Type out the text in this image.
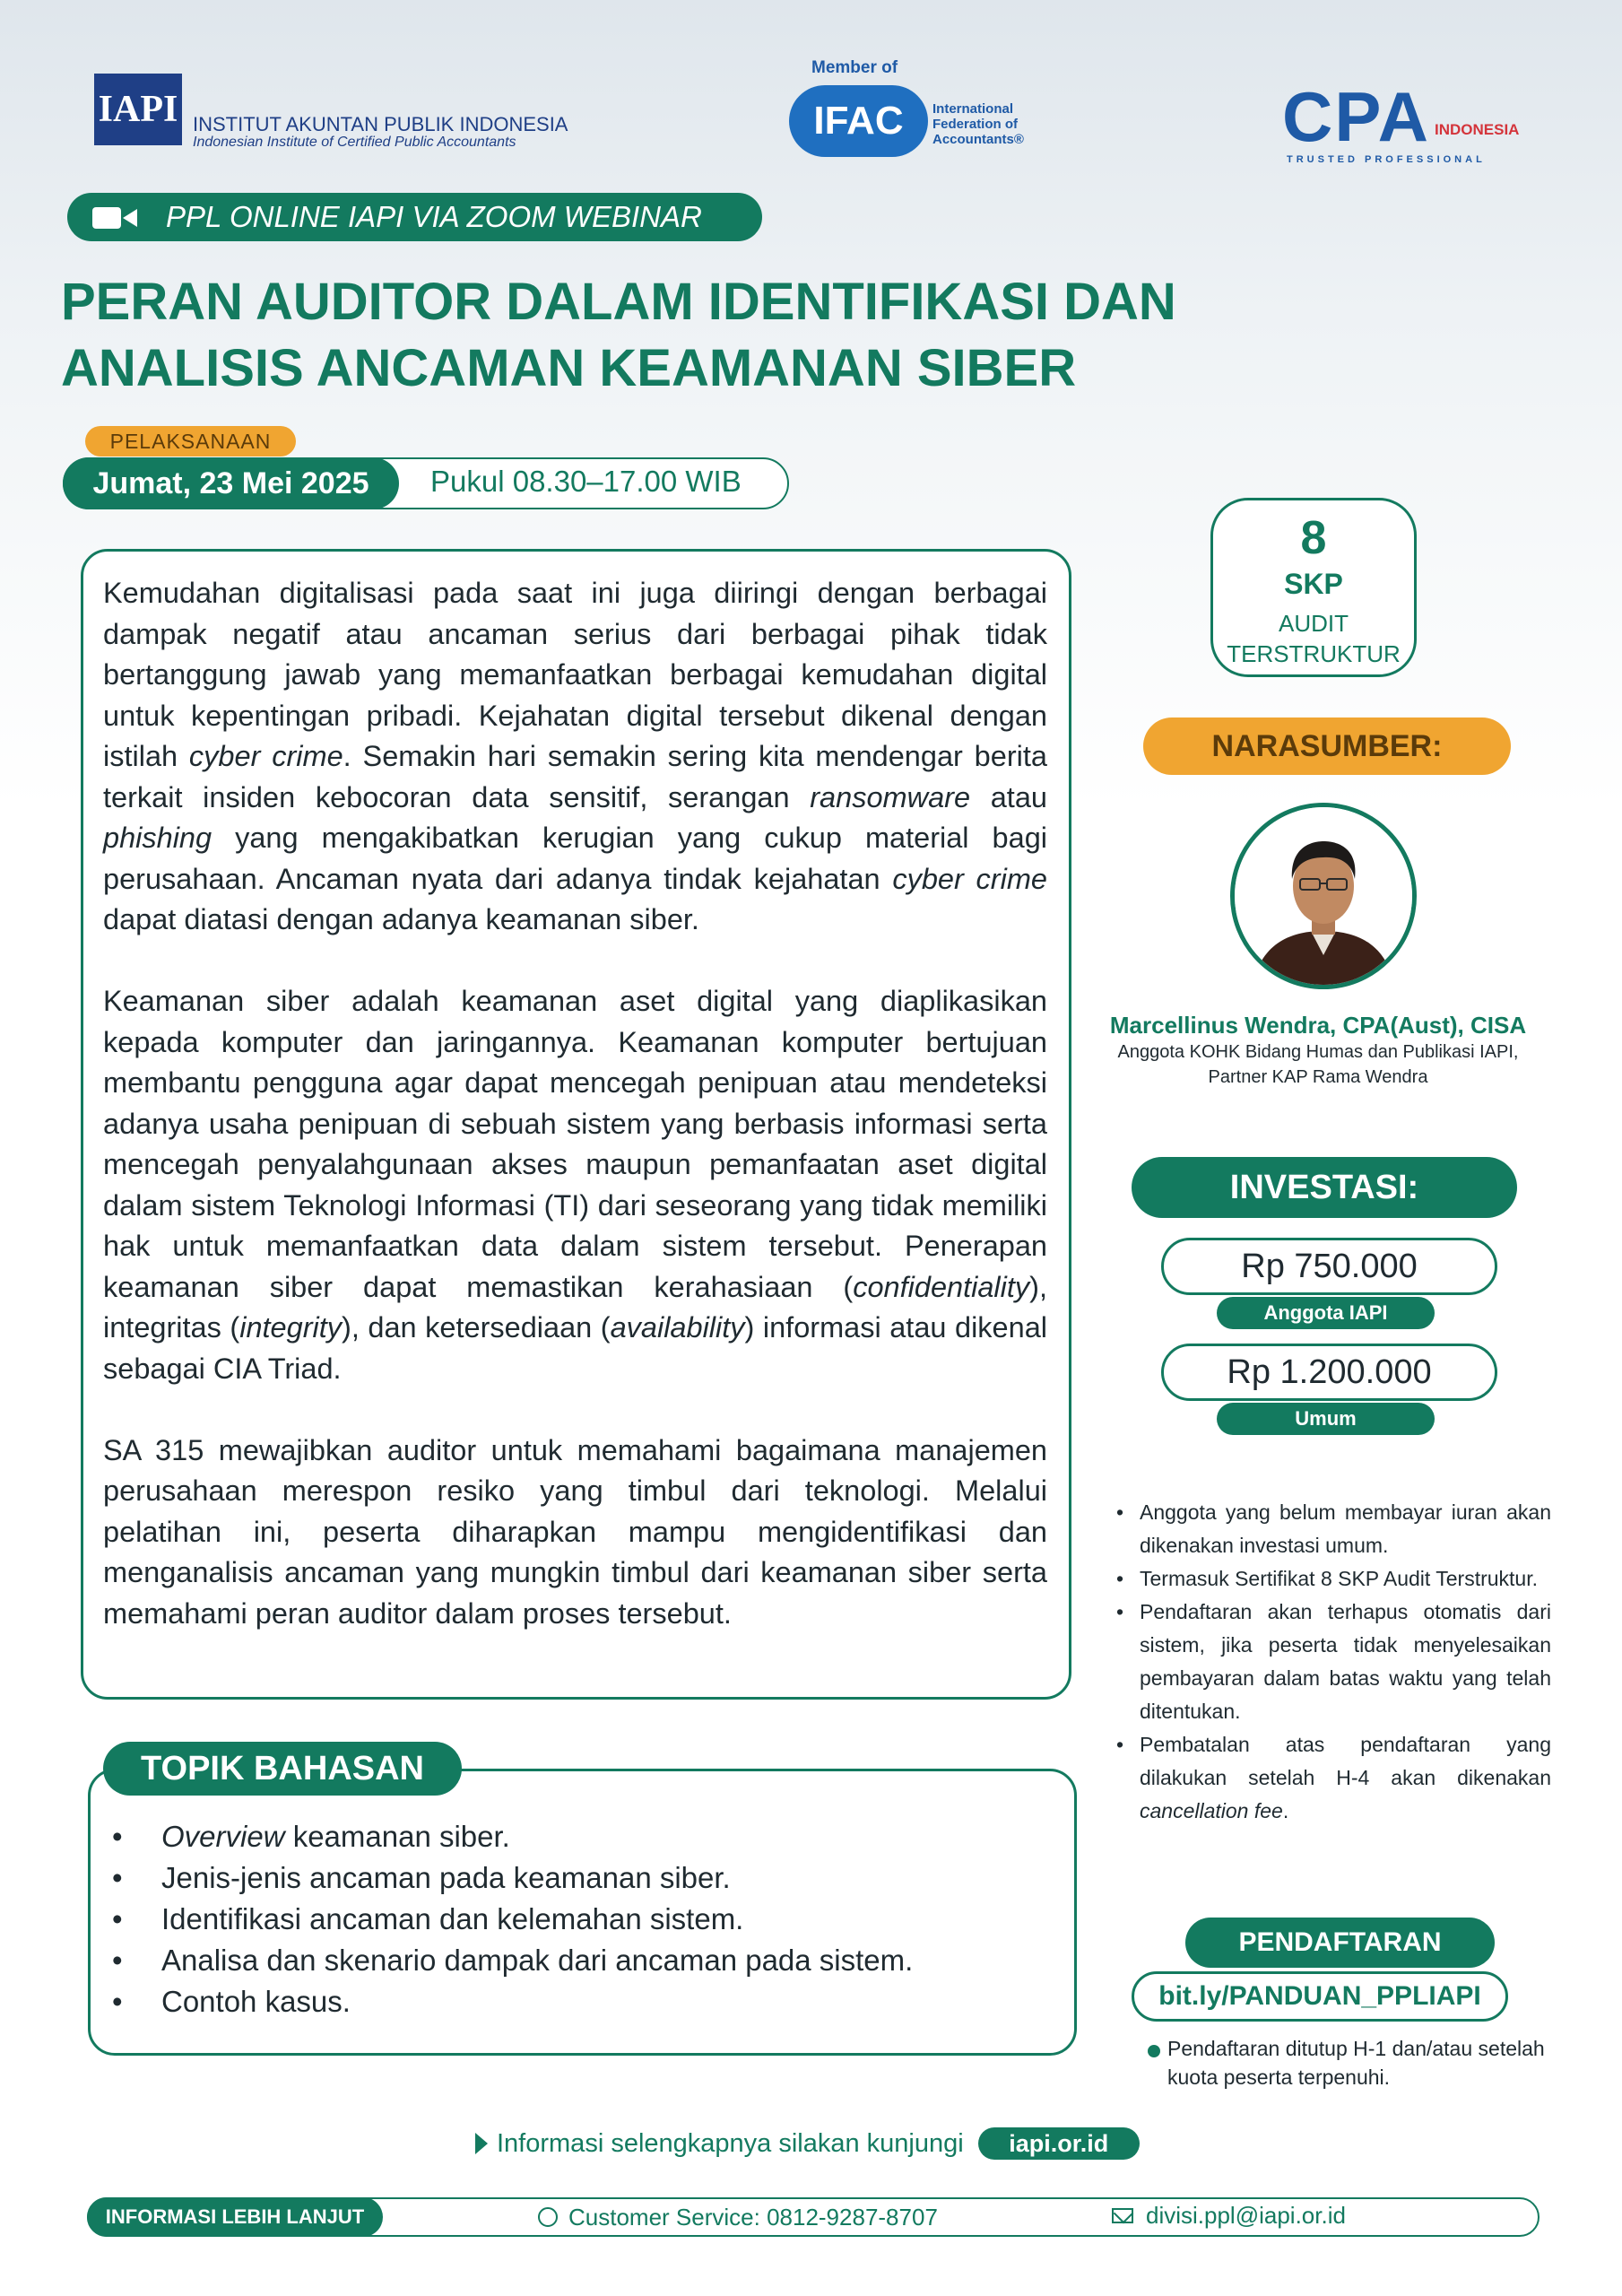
IAPI INSTITUT AKUNTAN PUBLIK INDONESIA
Indonesian Institute of Certified Public Accountants
Member of
IFAC	International Federation of Accountants®	CPA INDONESIA
TRUSTED PROFESSIONAL
PPL ONLINE IAPI VIA ZOOM WEBINAR
PERAN AUDITOR DALAM IDENTIFIKASI DAN ANALISIS ANCAMAN KEAMANAN SIBER
PELAKSANAAN
Jumat, 23 Mei 2025	Pukul 08.30–17.00 WIB

Kemudahan digitalisasi pada saat ini juga diiringi dengan berbagai dampak negatif atau ancaman serius dari berbagai pihak tidak bertanggung jawab yang memanfaatkan berbagai kemudahan digital untuk kepentingan pribadi. Kejahatan digital tersebut dikenal dengan istilah cyber crime. Semakin hari semakin sering kita mendengar berita terkait insiden kebocoran data sensitif, serangan ransomware atau phishing yang mengakibatkan kerugian yang cukup material bagi perusahaan. Ancaman nyata dari adanya tindak kejahatan cyber crime dapat diatasi dengan adanya keamanan siber.

Keamanan siber adalah keamanan aset digital yang diaplikasikan kepada komputer dan jaringannya. Keamanan komputer bertujuan membantu pengguna agar dapat mencegah penipuan atau mendeteksi adanya usaha penipuan di sebuah sistem yang berbasis informasi serta mencegah penyalahgunaan akses maupun pemanfaatan aset digital dalam sistem Teknologi Informasi (TI) dari seseorang yang tidak memiliki hak untuk memanfaatkan data dalam sistem tersebut. Penerapan keamanan siber dapat memastikan kerahasiaan (confidentiality), integritas (integrity), dan ketersediaan (availability) informasi atau dikenal sebagai CIA Triad.

SA 315 mewajibkan auditor untuk memahami bagaimana manajemen perusahaan merespon resiko yang timbul dari teknologi. Melalui pelatihan ini, peserta diharapkan mampu mengidentifikasi dan menganalisis ancaman yang mungkin timbul dari keamanan siber serta memahami peran auditor dalam proses tersebut.

TOPIK BAHASAN
• Overview keamanan siber.
• Jenis-jenis ancaman pada keamanan siber.
• Identifikasi ancaman dan kelemahan sistem.
• Analisa dan skenario dampak dari ancaman pada sistem.
• Contoh kasus.
8
SKP
AUDIT
TERSTRUKTUR
NARASUMBER:
Marcellinus Wendra, CPA(Aust), CISA
Anggota KOHK Bidang Humas dan Publikasi IAPI,
Partner KAP Rama Wendra
INVESTASI:
Rp 750.000
Anggota IAPI
Rp 1.200.000
Umum
• Anggota yang belum membayar iuran akan dikenakan investasi umum.
• Termasuk Sertifikat 8 SKP Audit Terstruktur.
• Pendaftaran akan terhapus otomatis dari sistem, jika peserta tidak menyelesaikan pembayaran dalam batas waktu yang telah ditentukan.
• Pembatalan atas pendaftaran yang dilakukan setelah H-4 akan dikenakan cancellation fee.
PENDAFTARAN
bit.ly/PANDUAN_PPLIAPI
Pendaftaran ditutup H-1 dan/atau setelah kuota peserta terpenuhi.
Informasi selengkapnya silakan kunjungi	iapi.or.id
INFORMASI LEBIH LANJUT	Customer Service: 0812-9287-8707	divisi.ppl@iapi.or.id
